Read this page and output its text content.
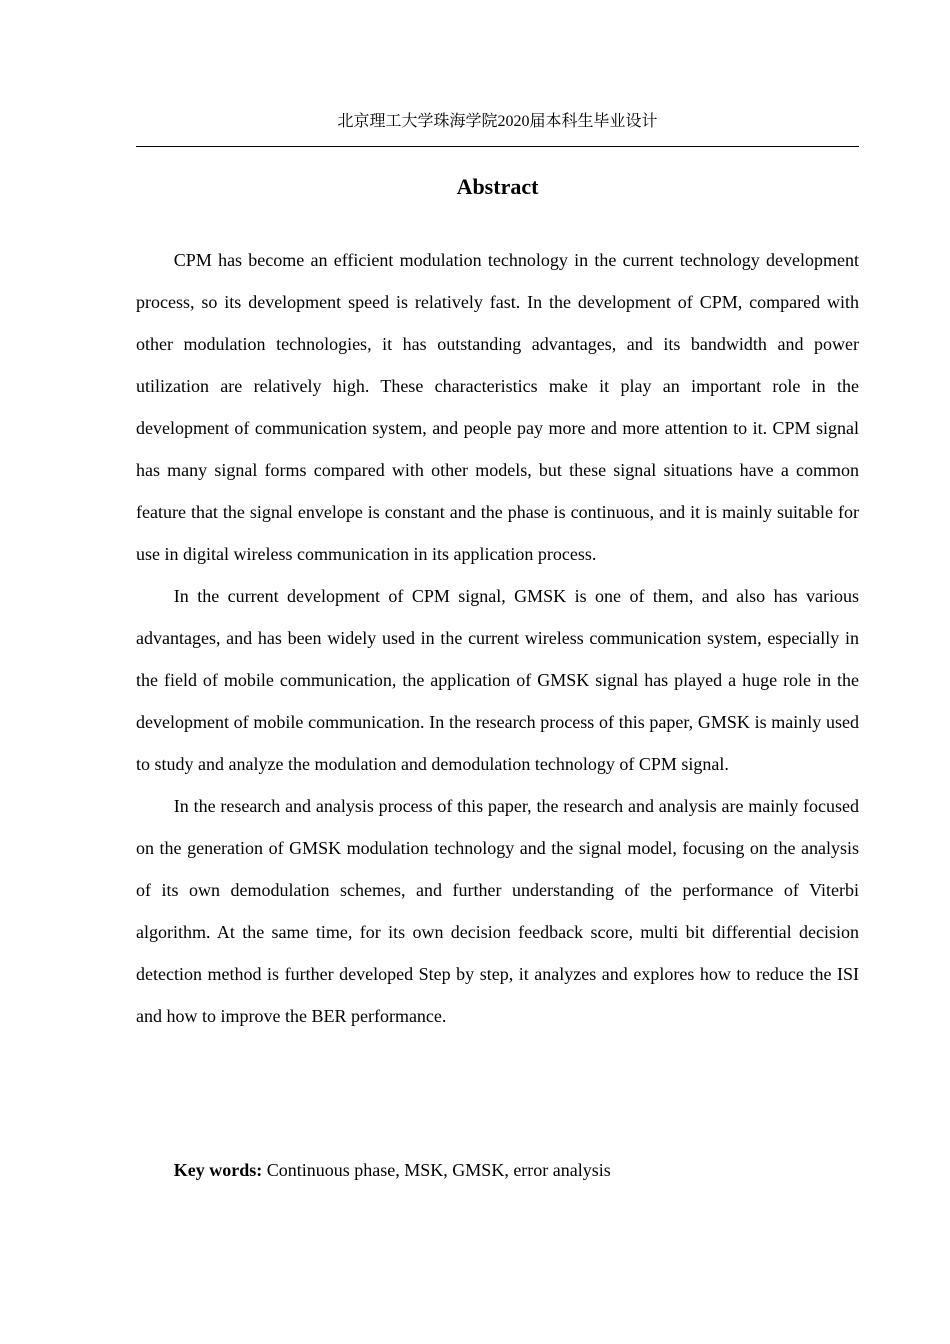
北京理工大学珠海学院2020届本科生毕业设计
Abstract

CPM has become an efficient modulation technology in the current technology development process, so its development speed is relatively fast. In the development of CPM, compared with other modulation technologies, it has outstanding advantages, and its bandwidth and power utilization are relatively high. These characteristics make it play an important role in the development of communication system, and people pay more and more attention to it. CPM signal has many signal forms compared with other models, but these signal situations have a common feature that the signal envelope is constant and the phase is continuous, and it is mainly suitable for use in digital wireless communication in its application process.

In the current development of CPM signal, GMSK is one of them, and also has various advantages, and has been widely used in the current wireless communication system, especially in the field of mobile communication, the application of GMSK signal has played a huge role in the development of mobile communication. In the research process of this paper, GMSK is mainly used to study and analyze the modulation and demodulation technology of CPM signal.

In the research and analysis process of this paper, the research and analysis are mainly focused on the generation of GMSK modulation technology and the signal model, focusing on the analysis of its own demodulation schemes, and further understanding of the performance of Viterbi algorithm. At the same time, for its own decision feedback score, multi bit differential decision detection method is further developed Step by step, it analyzes and explores how to reduce the ISI and how to improve the BER performance.

Key words: Continuous phase, MSK, GMSK, error analysis
